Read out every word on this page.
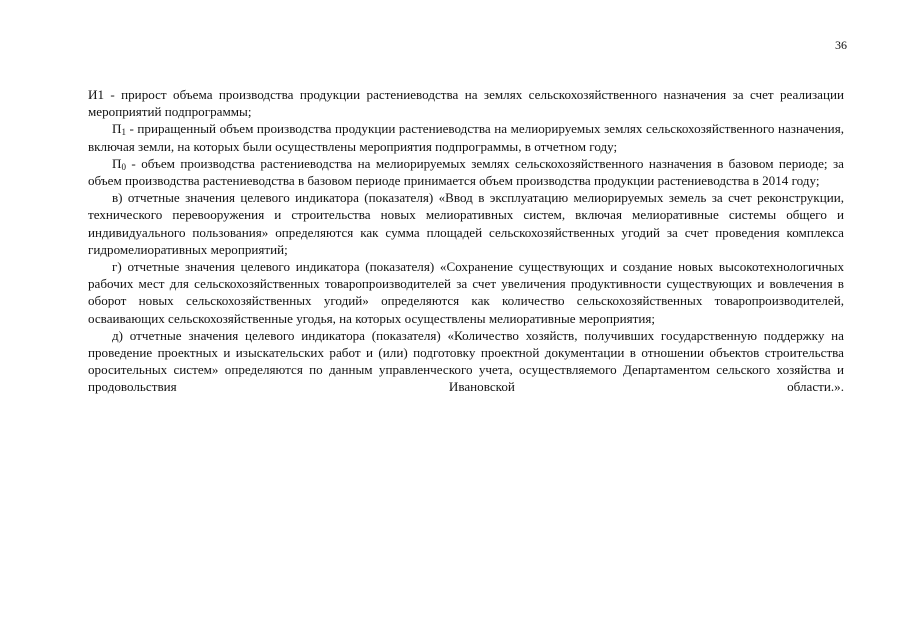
36

И1 - прирост объема производства продукции растениеводства на землях сельскохозяйственного назначения за счет реализации мероприятий подпрограммы;

$П_1$ - приращенный объем производства продукции растениеводства на мелиорируемых землях сельскохозяйственного назначения, включая земли, на которых были осуществлены мероприятия подпрограммы, в отчетном году;

$П_0$ - объем производства растениеводства на мелиорируемых землях сельскохозяйственного назначения в базовом периоде; за объем производства растениеводства в базовом периоде принимается объем производства продукции растениеводства в 2014 году;

в) отчетные значения целевого индикатора (показателя) «Ввод в эксплуатацию мелиорируемых земель за счет реконструкции, технического перевооружения и строительства новых мелиоративных систем, включая мелиоративные системы общего и индивидуального пользования» определяются как сумма площадей сельскохозяйственных угодий за счет проведения комплекса гидромелиоративных мероприятий;

г) отчетные значения целевого индикатора (показателя) «Сохранение существующих и создание новых высокотехнологичных рабочих мест для сельскохозяйственных товаропроизводителей за счет увеличения продуктивности существующих и вовлечения в оборот новых сельскохозяйственных угодий» определяются как количество сельскохозяйственных товаропроизводителей, осваивающих сельскохозяйственные угодья, на которых осуществлены мелиоративные мероприятия;

д) отчетные значения целевого индикатора (показателя) «Количество хозяйств, получивших государственную поддержку на проведение проектных и изыскательских работ и (или) подготовку проектной документации в отношении объектов строительства оросительных систем» определяются по данным управленческого учета, осуществляемого Департаментом сельского хозяйства и продовольствия Ивановской области.».
